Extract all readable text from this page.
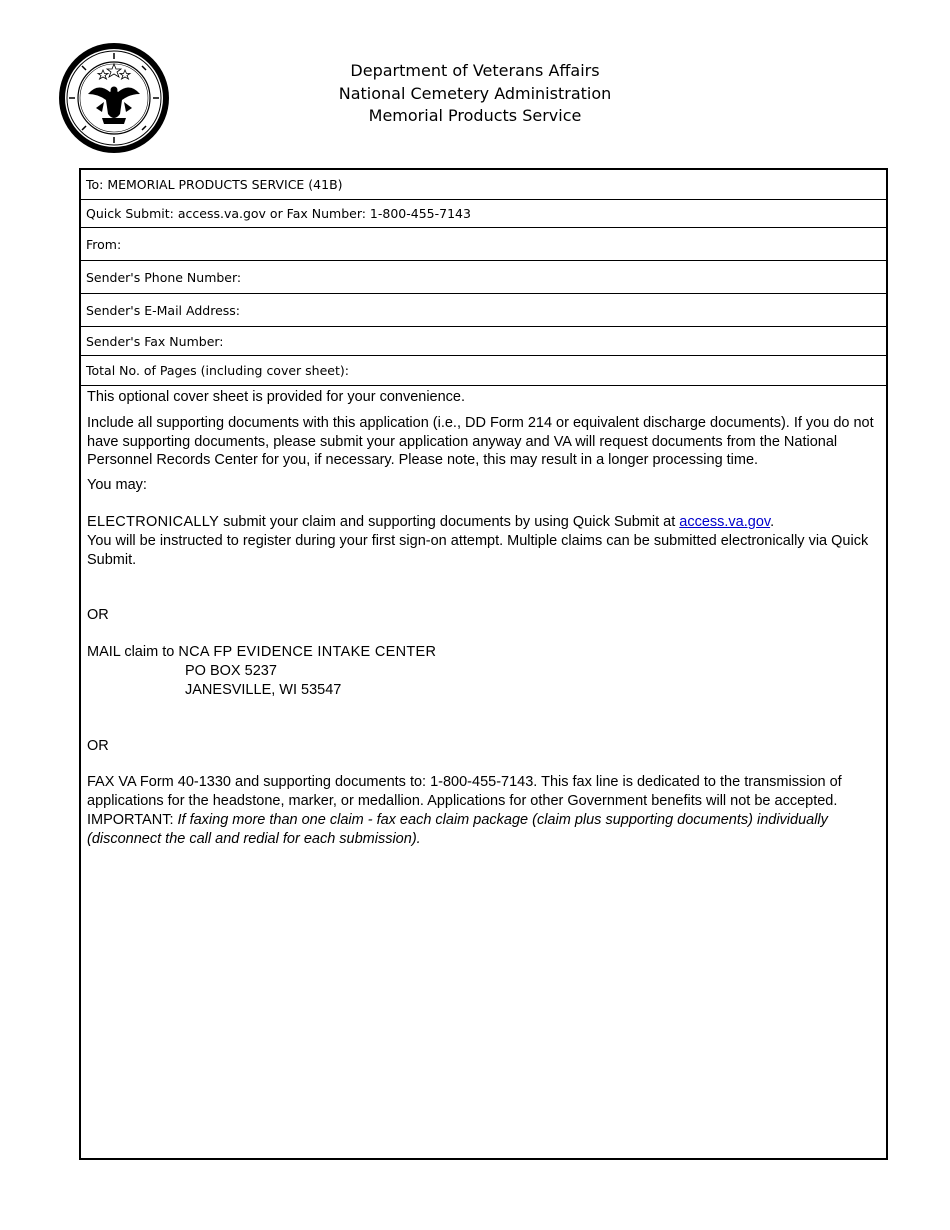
Department of Veterans Affairs
National Cemetery Administration
Memorial Products Service
To: MEMORIAL PRODUCTS SERVICE (41B)
Quick Submit: access.va.gov or Fax Number: 1-800-455-7143
From:
Sender's Phone Number:
Sender's E-Mail Address:
Sender's Fax Number:
Total No. of Pages (including cover sheet):

This optional cover sheet is provided for your convenience.

Include all supporting documents with this application (i.e., DD Form 214 or equivalent discharge documents). If you do not have supporting documents, please submit your application anyway and VA will request documents from the National Personnel Records Center for you, if necessary. Please note, this may result in a longer processing time.

You may:

ELECTRONICALLY submit your claim and supporting documents by using Quick Submit at access.va.gov.

You will be instructed to register during your first sign-on attempt. Multiple claims can be submitted electronically via Quick Submit.

OR

MAIL claim to NCA FP EVIDENCE INTAKE CENTER

PO BOX 5237

JANESVILLE, WI 53547

OR

FAX VA Form 40-1330 and supporting documents to: 1-800-455-7143. This fax line is dedicated to the transmission of applications for the headstone, marker, or medallion. Applications for other Government benefits will not be accepted.

IMPORTANT: If faxing more than one claim - fax each claim package (claim plus supporting documents) individually (disconnect the call and redial for each submission).
